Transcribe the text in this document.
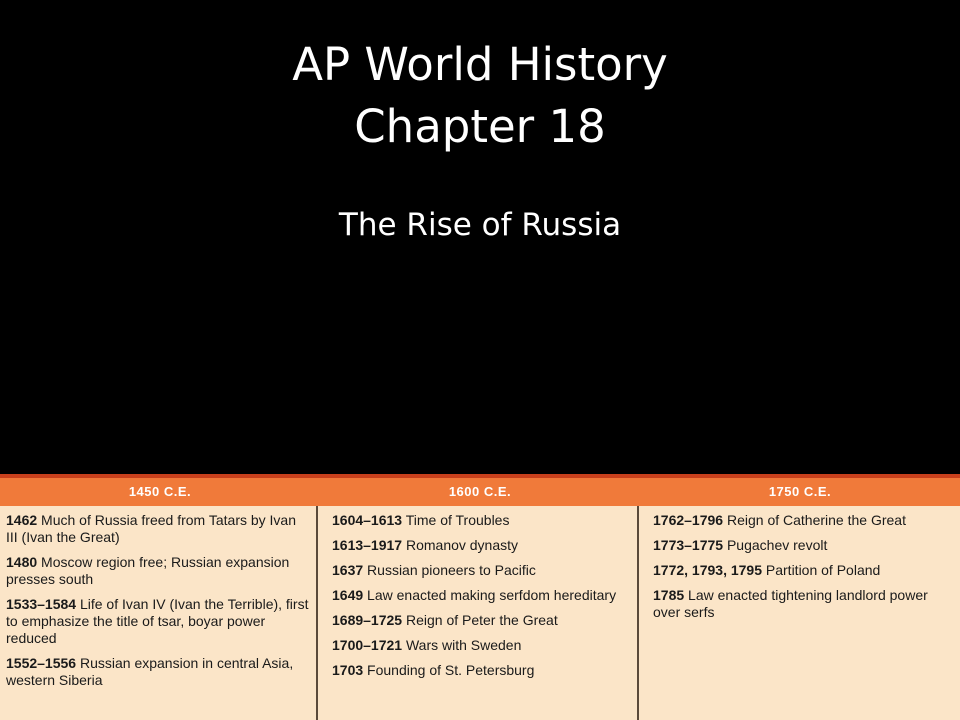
AP World History
Chapter 18
The Rise of Russia
1450 C.E.	1600 C.E.	1750 C.E.
1462 Much of Russia freed from Tatars by Ivan III (Ivan the Great)
1480 Moscow region free; Russian expansion presses south
1533–1584 Life of Ivan IV (Ivan the Terrible), first to emphasize the title of tsar, boyar power reduced
1552–1556 Russian expansion in central Asia, western Siberia
1604–1613 Time of Troubles
1613–1917 Romanov dynasty
1637 Russian pioneers to Pacific
1649 Law enacted making serfdom hereditary
1689–1725 Reign of Peter the Great
1700–1721 Wars with Sweden
1703 Founding of St. Petersburg
1762–1796 Reign of Catherine the Great
1773–1775 Pugachev revolt
1772, 1793, 1795 Partition of Poland
1785 Law enacted tightening landlord power over serfs
